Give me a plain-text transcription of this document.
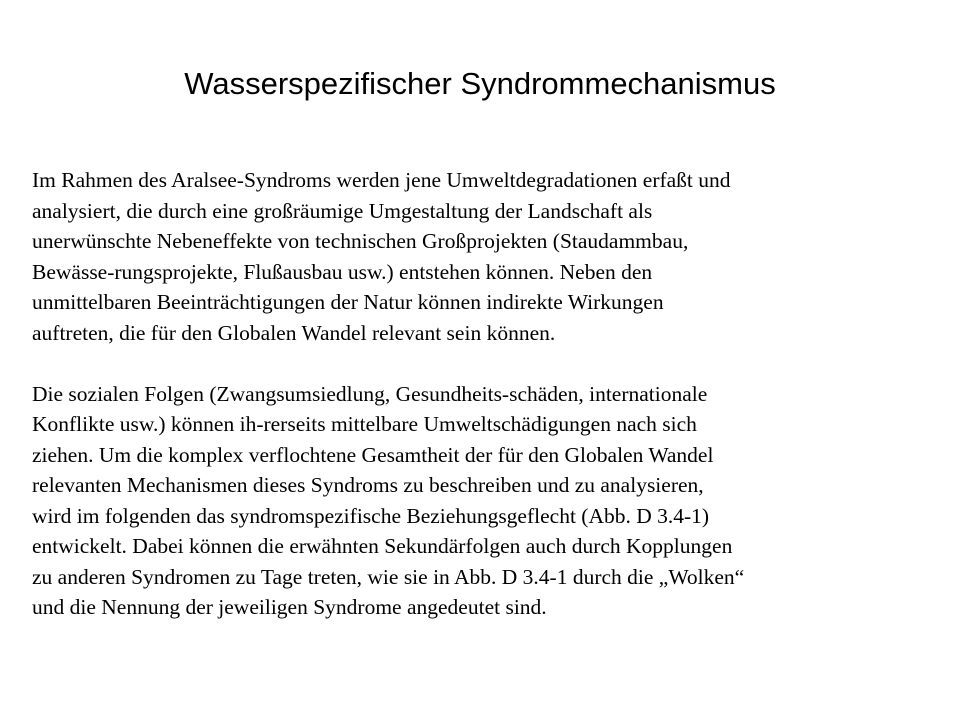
Wasserspezifischer Syndrommechanismus

Im Rahmen des Aralsee-Syndroms werden jene Umweltdegradationen erfaßt und
analysiert, die durch eine großräumige Umgestaltung der Landschaft als
unerwünschte Nebeneffekte von technischen Großprojekten (Staudammbau,
Bewässe-rungsprojekte, Flußausbau usw.) entstehen können. Neben den
unmittelbaren Beeinträchtigungen der Natur können indirekte Wirkungen
auftreten, die für den Globalen Wandel relevant sein können.

Die sozialen Folgen (Zwangsumsiedlung, Gesundheits-schäden, internationale
Konflikte usw.) können ih-rerseits mittelbare Umweltschädigungen nach sich
ziehen. Um die komplex verflochtene Gesamtheit der für den Globalen Wandel
relevanten Mechanismen dieses Syndroms zu beschreiben und zu analysieren,
wird im folgenden das syndromspezifische Beziehungsgeflecht (Abb. D 3.4-1)
entwickelt. Dabei können die erwähnten Sekundärfolgen auch durch Kopplungen
zu anderen Syndromen zu Tage treten, wie sie in Abb. D 3.4-1 durch die „Wolken“
und die Nennung der jeweiligen Syndrome angedeutet sind.
